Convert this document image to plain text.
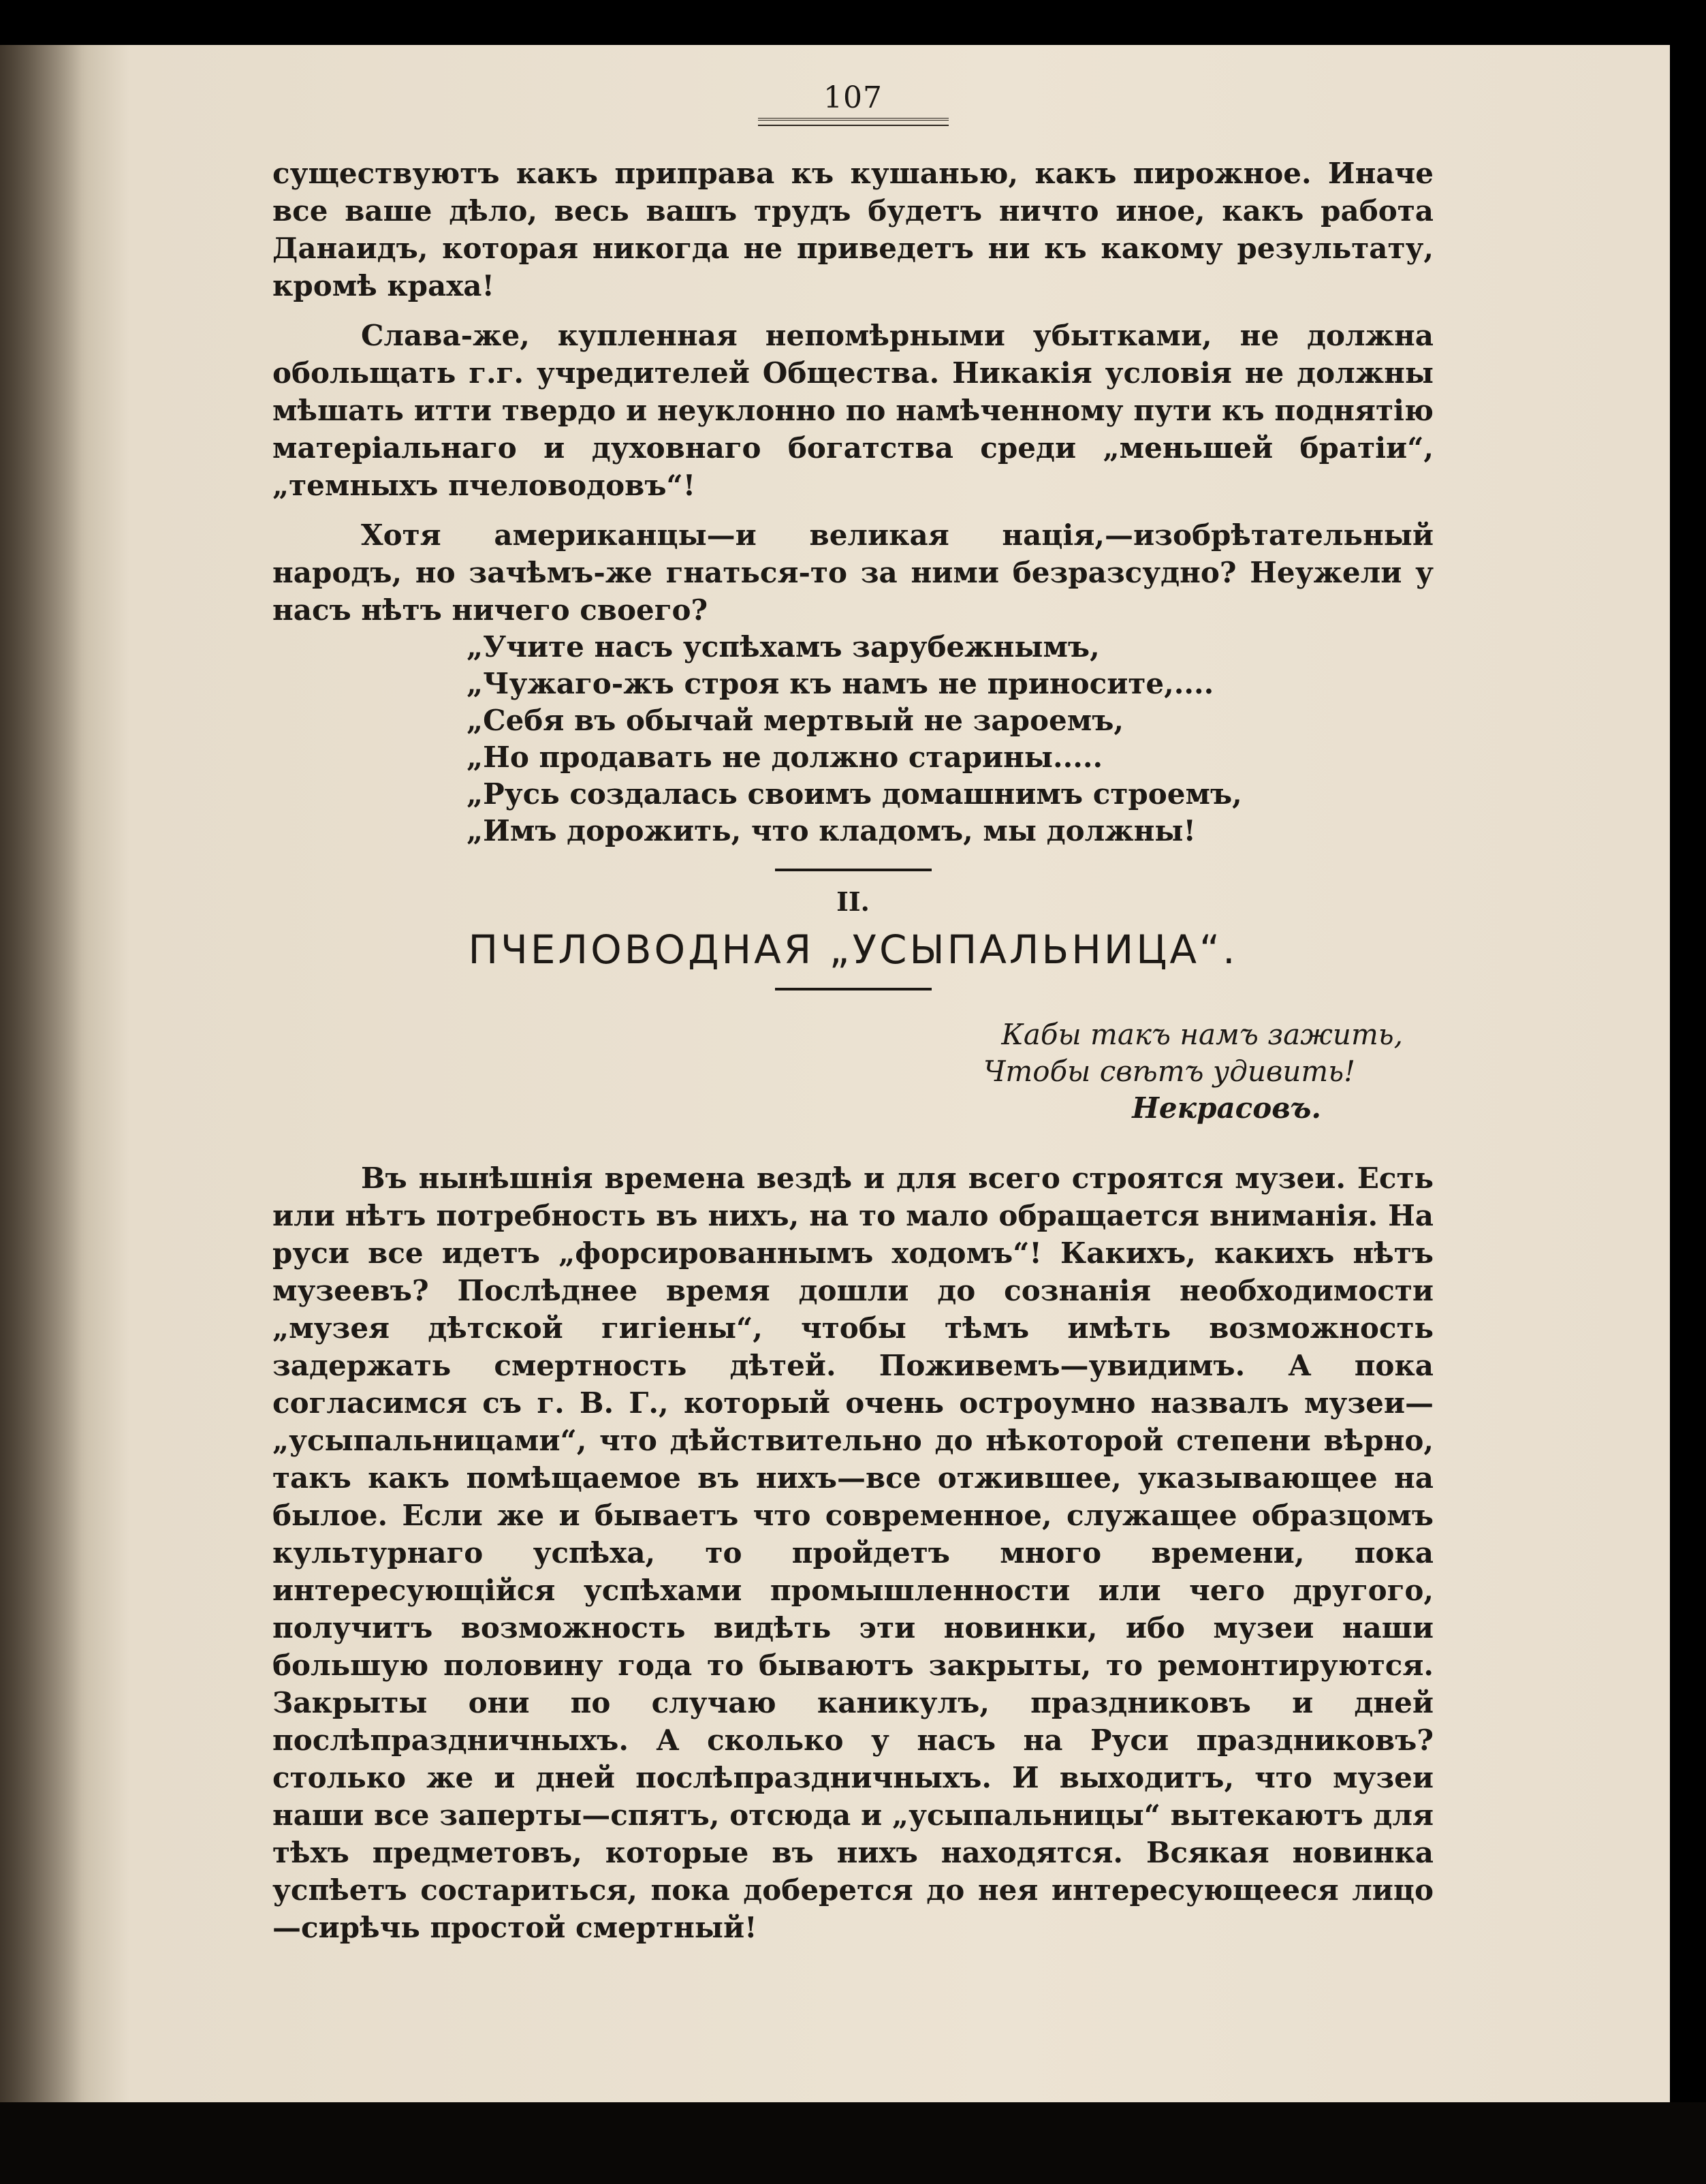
107

существуютъ какъ приправа къ кушанью, какъ пирожное. Иначе все ваше дѣло, весь вашъ трудъ будетъ ничто иное, какъ работа Данаидъ, которая никогда не приведетъ ни къ какому результату, кромѣ краха!

Слава-же, купленная непомѣрными убытками, не должна обольщать г.г. учредителей Общества. Никакія условія не должны мѣшать итти твердо и неуклонно по намѣченному пути къ поднятію матеріальнаго и духовнаго богатства среди „меньшей братіи“, „темныхъ пчеловодовъ“!

Хотя американцы—и великая нація,—изобрѣтательный народъ, но зачѣмъ-же гнаться-то за ними безразсудно? Неужели у насъ нѣтъ ничего своего?

„Учите насъ успѣхамъ зарубежнымъ,
„Чужаго-жъ строя къ намъ не приносите,....
„Себя въ обычай мертвый не зароемъ,
„Но продавать не должно старины.....
„Русь создалась своимъ домашнимъ строемъ,
„Имъ дорожить, что кладомъ, мы должны!
II.
ПЧЕЛОВОДНАЯ „УСЫПАЛЬНИЦА“.
Кабы такъ намъ зажить,
Чтобы свѣтъ удивить!
Некрасовъ.

Въ нынѣшнія времена вездѣ и для всего строятся музеи. Есть или нѣтъ потребность въ нихъ, на то мало обращается вниманія. На руси все идетъ „форсированнымъ ходомъ“! Какихъ, какихъ нѣтъ музеевъ? Послѣднее время дошли до сознанія необходимости „музея дѣтской гигіены“, чтобы тѣмъ имѣть возможность задержать смертность дѣтей. Поживемъ—увидимъ. А пока согласимся съ г. В. Г., который очень остроумно назвалъ музеи—„усыпальницами“, что дѣйствительно до нѣкоторой степени вѣрно, такъ какъ помѣщаемое въ нихъ—все отжившее, указывающее на былое. Если же и бываетъ что современное, служащее образцомъ культурнаго успѣха, то пройдетъ много времени, пока интересующійся успѣхами промышленности или чего другого, получитъ возможность видѣть эти новинки, ибо музеи наши большую половину года то бываютъ закрыты, то ремонтируются. Закрыты они по случаю каникулъ, праздниковъ и дней послѣпраздничныхъ. А сколько у насъ на Руси праздниковъ? столько же и дней послѣпраздничныхъ. И выходитъ, что музеи наши все заперты—спятъ, отсюда и „усыпальницы“ вытекаютъ для тѣхъ предметовъ, которые въ нихъ находятся. Всякая новинка успѣетъ состариться, пока доберется до нея интересующееся лицо—сирѣчь простой смертный!
